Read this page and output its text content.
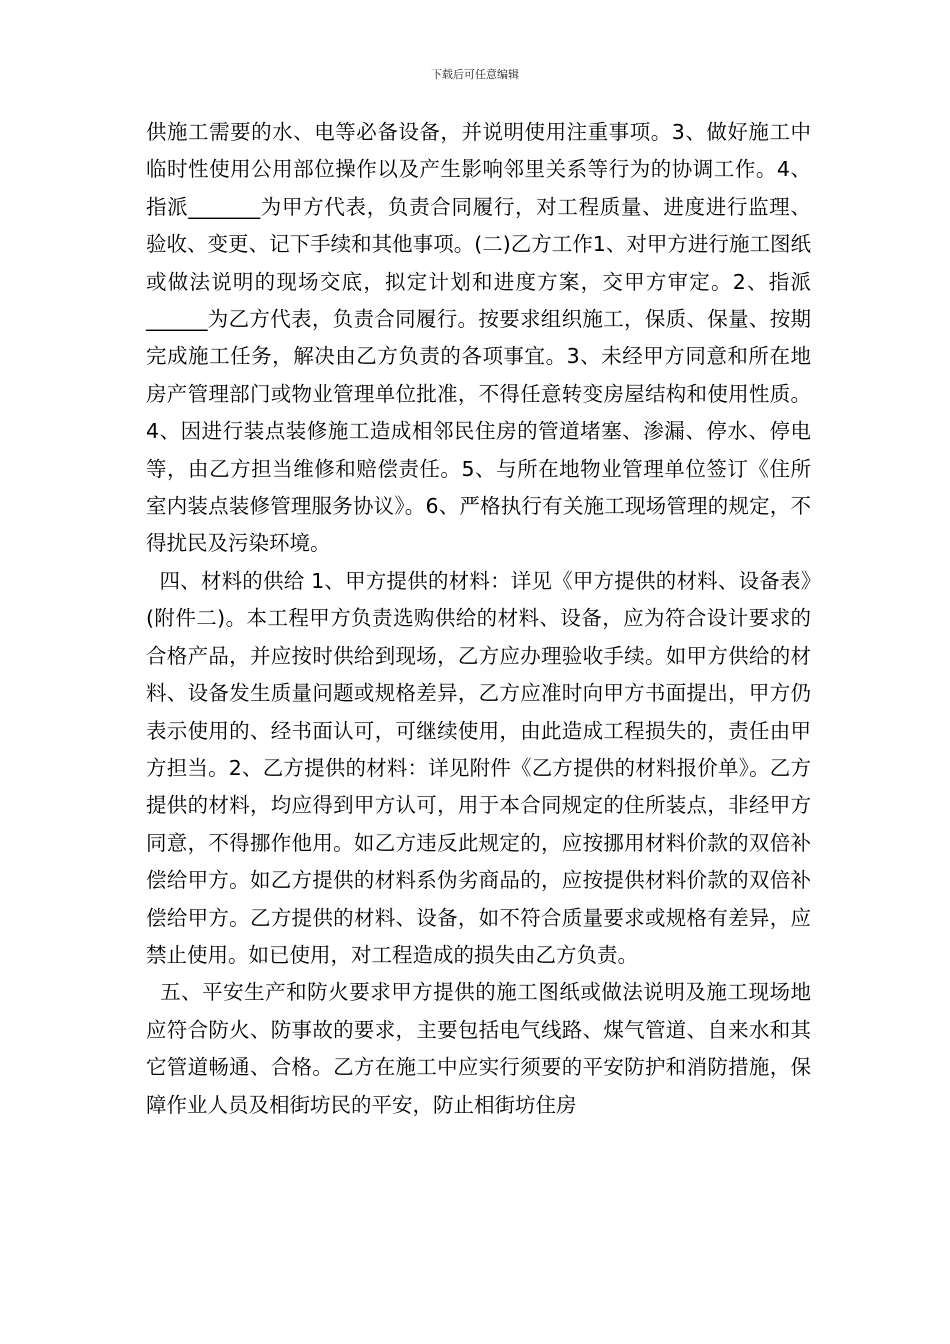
下载后可任意编辑

供施工需要的水、电等必备设备，并说明使用注重事项。3、做好施工中临时性使用公用部位操作以及产生影响邻里关系等行为的协调工作。4、指派_______为甲方代表，负责合同履行，对工程质量、进度进行监理、验收、变更、记下手续和其他事项。(二)乙方工作1、对甲方进行施工图纸或做法说明的现场交底，拟定计划和进度方案，交甲方审定。2、指派______为乙方代表，负责合同履行。按要求组织施工，保质、保量、按期完成施工任务，解决由乙方负责的各项事宜。3、未经甲方同意和所在地房产管理部门或物业管理单位批准，不得任意转变房屋结构和使用性质。4、因进行装点装修施工造成相邻民住房的管道堵塞、渗漏、停水、停电等，由乙方担当维修和赔偿责任。5、与所在地物业管理单位签订《住所室内装点装修管理服务协议》。6、严格执行有关施工现场管理的规定，不得扰民及污染环境。

四、材料的供给 1、甲方提供的材料：详见《甲方提供的材料、设备表》(附件二)。本工程甲方负责选购供给的材料、设备，应为符合设计要求的合格产品，并应按时供给到现场，乙方应办理验收手续。如甲方供给的材料、设备发生质量问题或规格差异，乙方应准时向甲方书面提出，甲方仍表示使用的、经书面认可，可继续使用，由此造成工程损失的，责任由甲方担当。2、乙方提供的材料：详见附件《乙方提供的材料报价单》。乙方提供的材料，均应得到甲方认可，用于本合同规定的住所装点，非经甲方同意，不得挪作他用。如乙方违反此规定的，应按挪用材料价款的双倍补偿给甲方。如乙方提供的材料系伪劣商品的，应按提供材料价款的双倍补偿给甲方。乙方提供的材料、设备，如不符合质量要求或规格有差异，应禁止使用。如已使用，对工程造成的损失由乙方负责。

五、平安生产和防火要求甲方提供的施工图纸或做法说明及施工现场地应符合防火、防事故的要求，主要包括电气线路、煤气管道、自来水和其它管道畅通、合格。乙方在施工中应实行须要的平安防护和消防措施，保障作业人员及相街坊民的平安，防止相街坊住房
